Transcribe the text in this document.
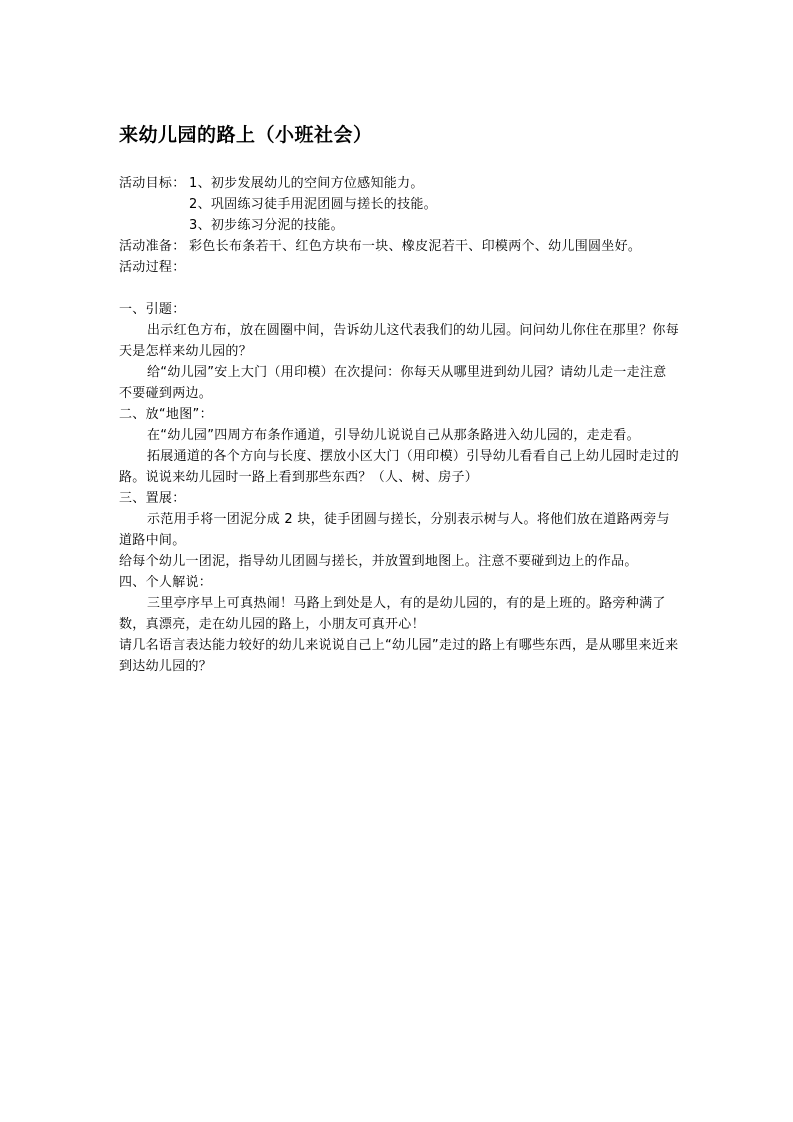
来幼儿园的路上（小班社会）
活动目标： 1、初步发展幼儿的空间方位感知能力。
2、巩固练习徒手用泥团圆与搓长的技能。
3、初步练习分泥的技能。
活动准备： 彩色长布条若干、红色方块布一块、橡皮泥若干、印模两个、幼儿围圆坐好。
活动过程：
一、引题：
出示红色方布，放在圆圈中间，告诉幼儿这代表我们的幼儿园。问问幼儿你住在那里？你每天是怎样来幼儿园的？
给“幼儿园”安上大门（用印模）在次提问：你每天从哪里进到幼儿园？请幼儿走一走注意不要碰到两边。
二、放“地图”：
在“幼儿园”四周方布条作通道，引导幼儿说说自己从那条路进入幼儿园的，走走看。
拓展通道的各个方向与长度、摆放小区大门（用印模）引导幼儿看看自己上幼儿园时走过的路。说说来幼儿园时一路上看到那些东西？（人、树、房子）
三、置展：
示范用手将一团泥分成 2 块，徒手团圆与搓长，分别表示树与人。将他们放在道路两旁与道路中间。
给每个幼儿一团泥，指导幼儿团圆与搓长，并放置到地图上。注意不要碰到边上的作品。
四、个人解说：
三里亭序早上可真热闹！马路上到处是人，有的是幼儿园的，有的是上班的。路旁种满了数，真漂亮，走在幼儿园的路上，小朋友可真开心！
请几名语言表达能力较好的幼儿来说说自己上“幼儿园”走过的路上有哪些东西，是从哪里来近来到达幼儿园的？
